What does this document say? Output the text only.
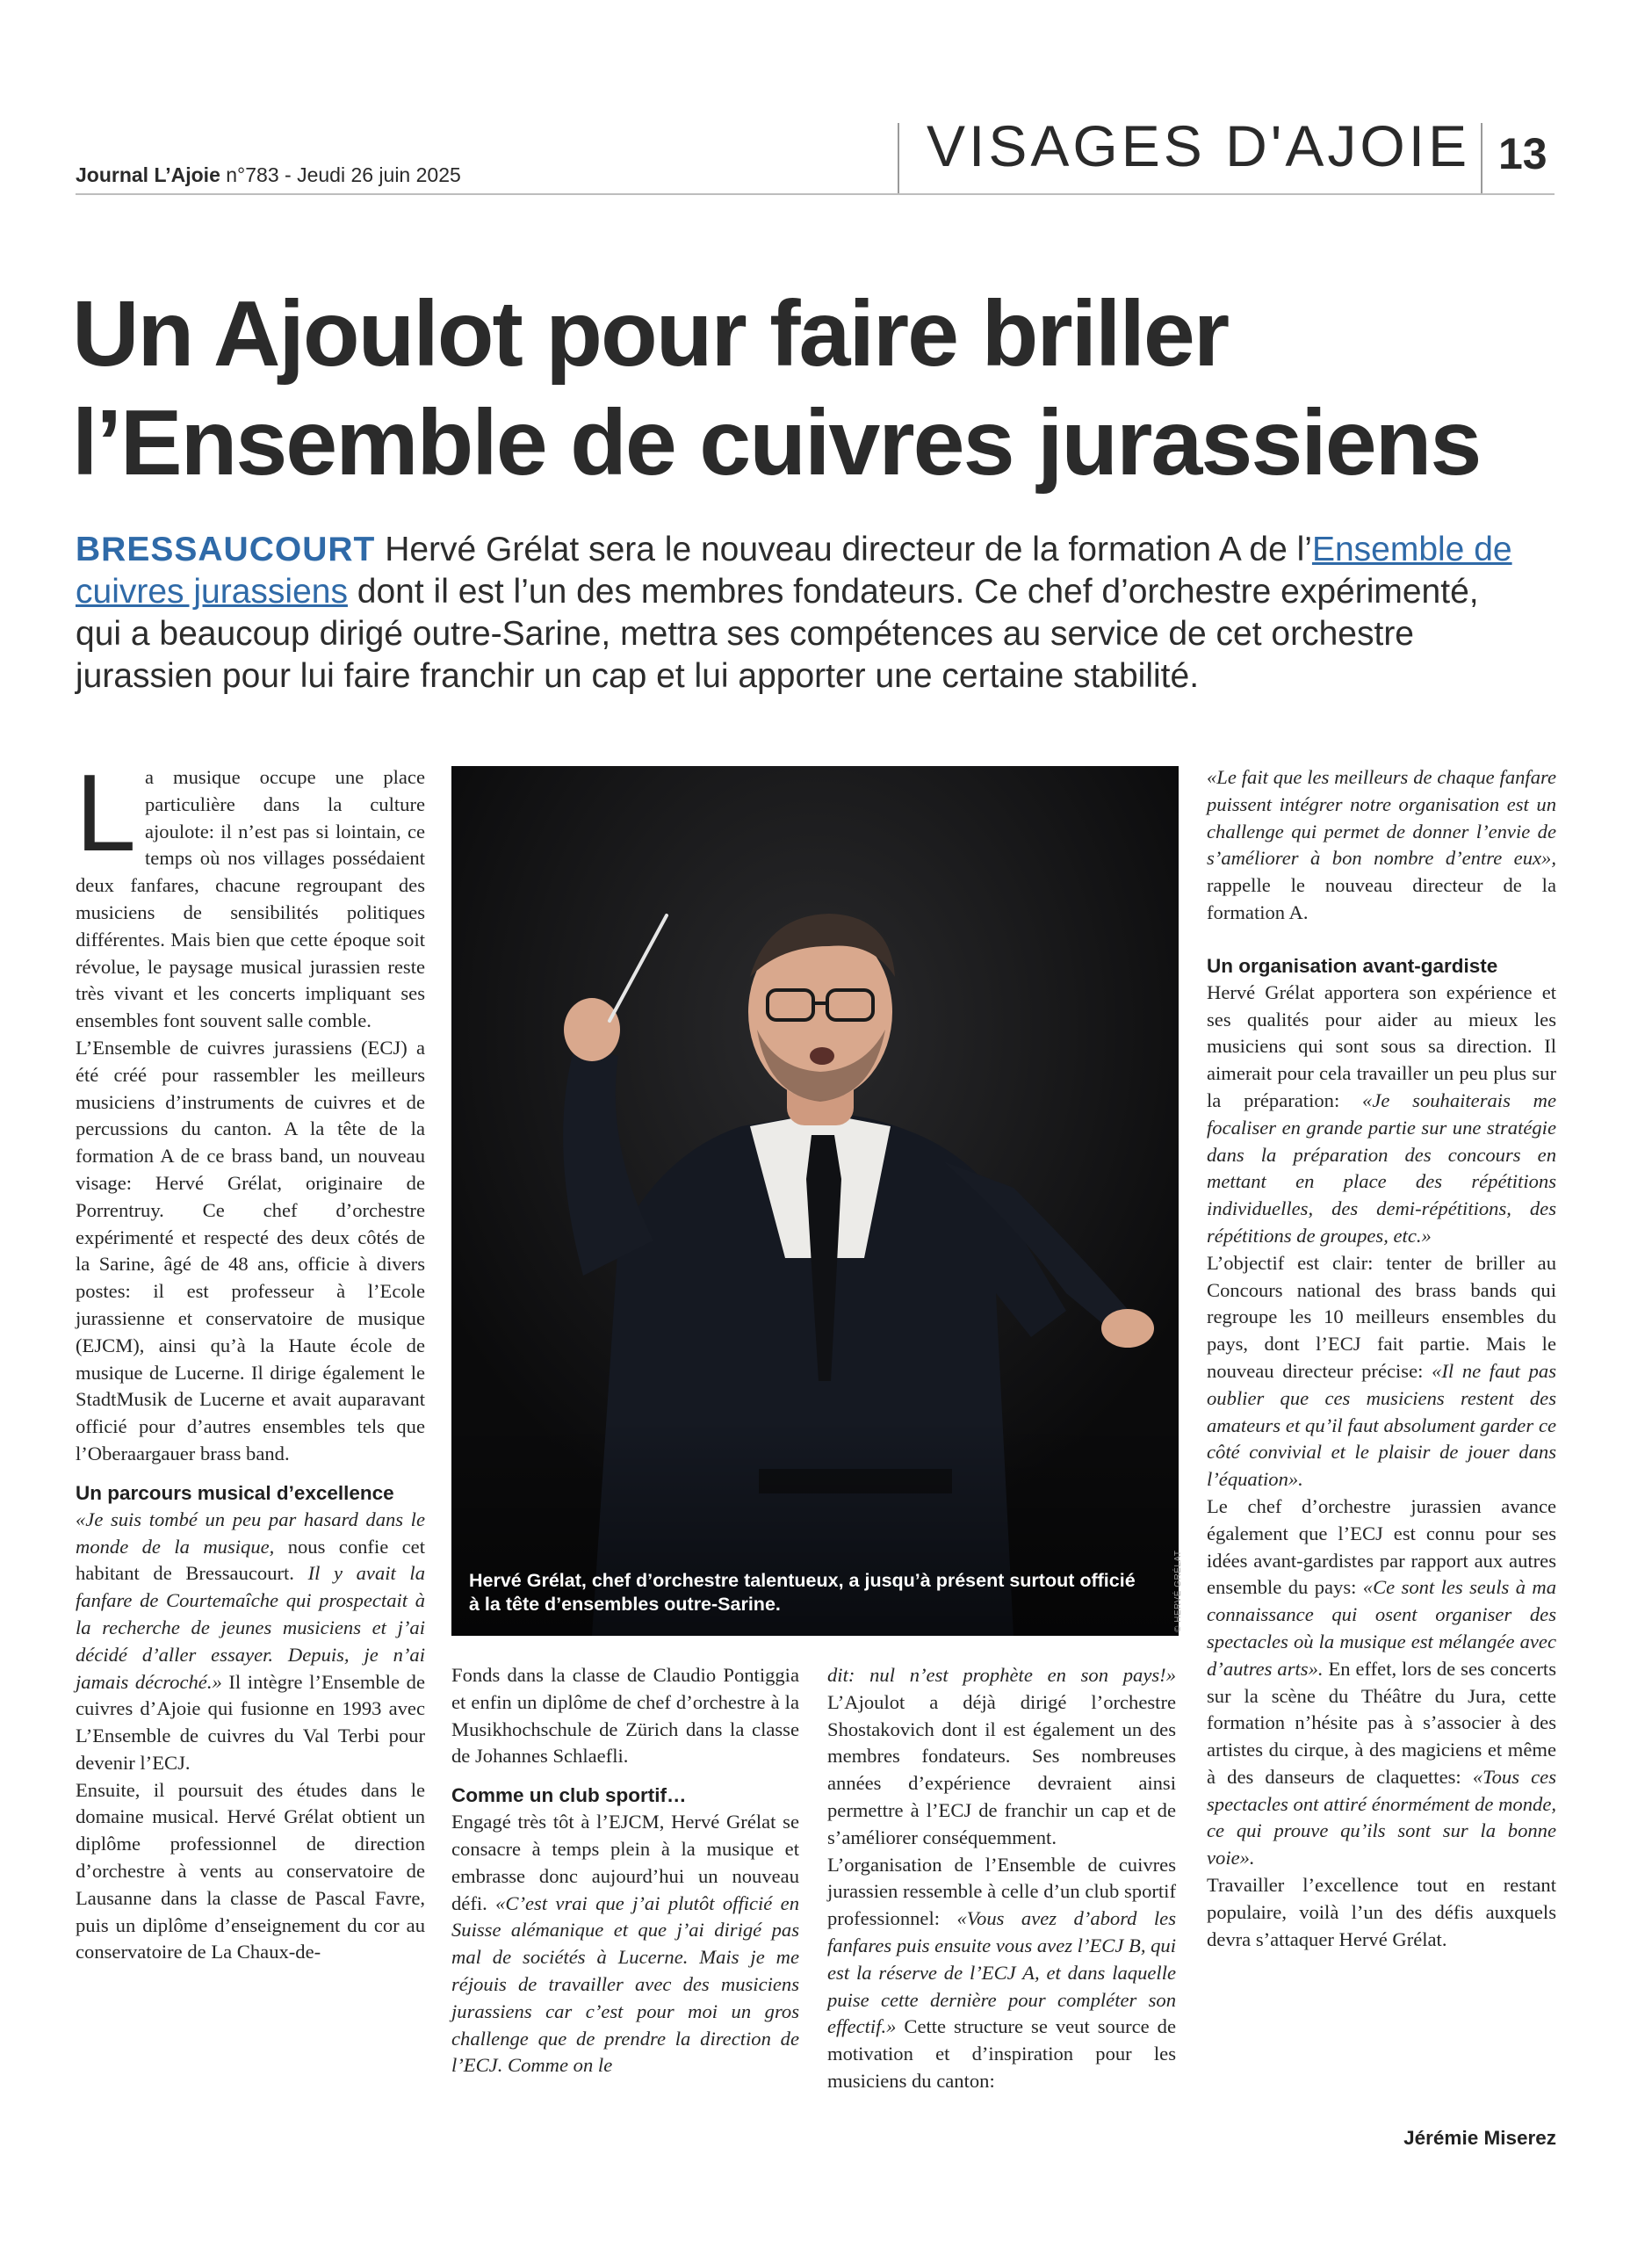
Journal L’Ajoie n°783 - Jeudi 26 juin 2025	VISAGES D'AJOIE 13
Un Ajoulot pour faire briller
l’Ensemble de cuivres jurassiens

BRESSAUCOURT Hervé Grélat sera le nouveau directeur de la formation A de l’Ensemble de cuivres jurassiens dont il est l’un des membres fondateurs. Ce chef d’orchestre expérimenté, qui a beaucoup dirigé outre-Sarine, mettra ses compétences au service de cet orchestre jurassien pour lui faire franchir un cap et lui apporter une certaine stabilité.

La musique occupe une place particulière dans la culture ajoulote: il n’est pas si lointain, ce temps où nos villages possédaient deux fanfares, chacune regroupant des musiciens de sensibilités politiques différentes. Mais bien que cette époque soit révolue, le paysage musical jurassien reste très vivant et les concerts impliquant ses ensembles font souvent salle comble.

L’Ensemble de cuivres jurassiens (ECJ) a été créé pour rassembler les meilleurs musiciens d’instruments de cuivres et de percussions du canton. A la tête de la formation A de ce brass band, un nouveau visage: Hervé Grélat, originaire de Porrentruy. Ce chef d’orchestre expérimenté et respecté des deux côtés de la Sarine, âgé de 48 ans, officie à divers postes: il est professeur à l’Ecole jurassienne et conservatoire de musique (EJCM), ainsi qu’à la Haute école de musique de Lucerne. Il dirige également le StadtMusik de Lucerne et avait auparavant officié pour d’autres ensembles tels que l’Oberaargauer brass band.

Un parcours musical d’excellence

«Je suis tombé un peu par hasard dans le monde de la musique, nous confie cet habitant de Bressaucourt. Il y avait la fanfare de Courtemaîche qui prospectait à la recherche de jeunes musiciens et j’ai décidé d’aller essayer. Depuis, je n’ai jamais décroché.» Il intègre l’Ensemble de cuivres d’Ajoie qui fusionne en 1993 avec L’Ensemble de cuivres du Val Terbi pour devenir l’ECJ.

Ensuite, il poursuit des études dans le domaine musical. Hervé Grélat obtient un diplôme professionnel de direction d’orchestre à vents au conservatoire de Lausanne dans la classe de Pascal Favre, puis un diplôme d’enseignement du cor au conservatoire de La Chaux-de-

Hervé Grélat, chef d’orchestre talentueux, a jusqu’à présent surtout officié à la tête d’ensembles outre-Sarine.	© HERVÉ GRÉLAT

Fonds dans la classe de Claudio Pontiggia et enfin un diplôme de chef d’orchestre à la Musikhochschule de Zürich dans la classe de Johannes Schlaefli.

Comme un club sportif…

Engagé très tôt à l’EJCM, Hervé Grélat se consacre à temps plein à la musique et embrasse donc aujourd’hui un nouveau défi. «C’est vrai que j’ai plutôt officié en Suisse alémanique et que j’ai dirigé pas mal de sociétés à Lucerne. Mais je me réjouis de travailler avec des musiciens jurassiens car c’est pour moi un gros challenge que de prendre la direction de l’ECJ. Comme on le

dit: nul n’est prophète en son pays!» L’Ajoulot a déjà dirigé l’orchestre Shostakovich dont il est également un des membres fondateurs. Ses nombreuses années d’expérience devraient ainsi permettre à l’ECJ de franchir un cap et de s’améliorer conséquemment.

L’organisation de l’Ensemble de cuivres jurassien ressemble à celle d’un club sportif professionnel: «Vous avez d’abord les fanfares puis ensuite vous avez l’ECJ B, qui est la réserve de l’ECJ A, et dans laquelle puise cette dernière pour compléter son effectif.» Cette structure se veut source de motivation et d’inspiration pour les musiciens du canton:

«Le fait que les meilleurs de chaque fanfare puissent intégrer notre organisation est un challenge qui permet de donner l’envie de s’améliorer à bon nombre d’entre eux», rappelle le nouveau directeur de la formation A.

Un organisation avant-gardiste

Hervé Grélat apportera son expérience et ses qualités pour aider au mieux les musiciens qui sont sous sa direction. Il aimerait pour cela travailler un peu plus sur la préparation: «Je souhaiterais me focaliser en grande partie sur une stratégie dans la préparation des concours en mettant en place des répétitions individuelles, des demi-répétitions, des répétitions de groupes, etc.»

L’objectif est clair: tenter de briller au Concours national des brass bands qui regroupe les 10 meilleurs ensembles du pays, dont l’ECJ fait partie. Mais le nouveau directeur précise: «Il ne faut pas oublier que ces musiciens restent des amateurs et qu’il faut absolument garder ce côté convivial et le plaisir de jouer dans l’équation».

Le chef d’orchestre jurassien avance également que l’ECJ est connu pour ses idées avant-gardistes par rapport aux autres ensemble du pays: «Ce sont les seuls à ma connaissance qui osent organiser des spectacles où la musique est mélangée avec d’autres arts». En effet, lors de ses concerts sur la scène du Théâtre du Jura, cette formation n’hésite pas à s’associer à des artistes du cirque, à des magiciens et même à des danseurs de claquettes: «Tous ces spectacles ont attiré énormément de monde, ce qui prouve qu’ils sont sur la bonne voie».

Travailler l’excellence tout en restant populaire, voilà l’un des défis auxquels devra s’attaquer Hervé Grélat.

Jérémie Miserez
